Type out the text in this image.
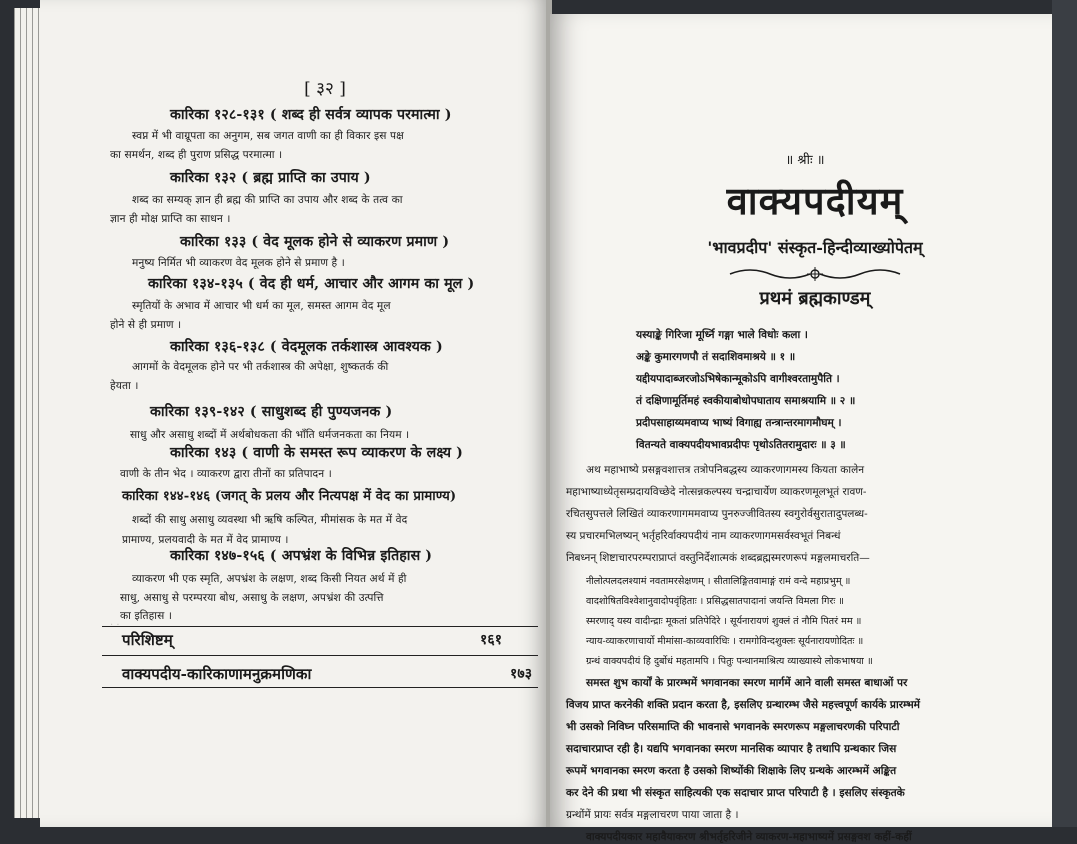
· ·
[ ३२ ]
कारिका १२८-१३१ ( शब्द ही सर्वत्र व्यापक परमात्मा )
स्वप्न में भी वाग्रूपता का अनुगम, सब जगत वाणी का ही विकार इस पक्ष
का समर्थन, शब्द ही पुराण प्रसिद्ध परमात्मा ।
कारिका १३२ ( ब्रह्म प्राप्ति का उपाय )
शब्द का सम्यक् ज्ञान ही ब्रह्म की प्राप्ति का उपाय और शब्द के तत्व का
ज्ञान ही मोक्ष प्राप्ति का साधन ।
कारिका १३३ ( वेद मूलक होने से व्याकरण प्रमाण )
मनुष्य निर्मित भी व्याकरण वेद मूलक होने से प्रमाण है ।
कारिका १३४-१३५ ( वेद ही धर्म, आचार और आगम का मूल )
स्मृतियों के अभाव में आचार भी धर्म का मूल, समस्त आगम वेद मूल
होने से ही प्रमाण ।
कारिका १३६-१३८ ( वेदमूलक तर्कशास्त्र आवश्यक )
आगमों के वेदमूलक होने पर भी तर्कशास्त्र की अपेक्षा, शुष्कतर्क की
हेयता ।
कारिका १३९-१४२ ( साधुशब्द ही पुण्यजनक )
साधु और असाधु शब्दों में अर्थबोधकता की भाँति धर्मजनकता का नियम ।
कारिका १४३ ( वाणी के समस्त रूप व्याकरण के लक्ष्य )
वाणी के तीन भेद । व्याकरण द्वारा तीनों का प्रतिपादन ।
कारिका १४४-१४६ (जगत् के प्रलय और नित्यपक्ष में वेद का प्रामाण्य)
शब्दों की साधु असाधु व्यवस्था भी ऋषि कल्पित, मीमांसक के मत में वेद
प्रामाण्य, प्रलयवादी के मत में वेद प्रामाण्य ।
कारिका १४७-१५६ ( अपभ्रंश के विभिन्न इतिहास )
व्याकरण भी एक स्मृति, अपभ्रंश के लक्षण, शब्द किसी नियत अर्थ में ही
साधु, असाधु से परम्परया बोध, असाधु के लक्षण, अपभ्रंश की उत्पत्ति
का इतिहास ।
परिशिष्टम्	१६१
वाक्यपदीय-कारिकाणामनुक्रमणिका	१७३
॥ श्रीः ॥
वाक्यपदीयम्
'भावप्रदीप' संस्कृत-हिन्दीव्याख्योपेतम्
प्रथमं ब्रह्मकाण्डम्
यस्याङ्के गिरिजा मूर्ध्नि गङ्गा भाले विधोः कला ।
अङ्के कुमारगणपौ तं सदाशिवमाश्रये ॥ १ ॥
यद्दीयपादाब्जरजोऽभिषेकान्मूकोऽपि वागीश्वरतामुपैति ।
तं दक्षिणामूर्तिमहं स्वकीयाबोधोपघाताय समाश्रयामि ॥ २ ॥
प्रदीपसाहाय्यमवाप्य भाष्यं विगाह्य तन्त्रान्तरमागमौघम् ।
वितन्यते वाक्यपदीयभावप्रदीपः पृथोऽतितरामुदारः ॥ ३ ॥
अथ महाभाष्ये प्रसङ्गवशात्तत्र तत्रोपनिबद्धस्य व्याकरणागमस्य कियता कालेन
महाभाष्याध्येतृसम्प्रदायविच्छेदे नोत्सन्नकल्पस्य चन्द्राचार्येण व्याकरणमूलभूतं रावण-
रचितसुपत्तले लिखितं व्याकरणागममवाप्य पुनरुज्जीवितस्य स्वगुरोर्वसुरातादुपलब्ध-
स्य प्रचारमभिलष्यन् भर्तृहरिर्वाक्यपदीयं नाम व्याकरणागमसर्वस्वभूतं निबन्धं
निबध्नन् शिष्टाचारपरम्पराप्राप्तं वस्तुनिर्देशात्मकं शब्दब्रह्मस्मरणरूपं मङ्गलमाचरति—
नीलोत्पलदलश्यामं नवतामरसेक्षणम् । सीतालिङ्गितवामाङ्गं रामं वन्दे महाप्रभुम् ॥
वादशोषितविश्वेशानुवादोपवृंहिताः । प्रसिद्धसातपादानां जयन्ति विमला गिरः ॥
स्मरणाद् यस्य वादीन्द्राः मूकतां प्रतिपेदिरे । सूर्यनारायणं शुक्लं तं नौमि पितरं मम ॥
न्याय-व्याकरणाचार्यो मीमांसा-काव्यवारिधिः । रामगोविन्दशुक्लः सूर्यनारायणोदितः ॥
ग्रन्थं वाक्यपदीयं हि दुर्बोधं महतामपि । पितुः पन्थानमाश्रित्य व्याख्यास्ये लोकभाषया ॥
समस्त शुभ कार्यों के प्रारम्भमें भगवानका स्मरण मार्गमें आने वाली समस्त बाधाओं पर
विजय प्राप्त करनेकी शक्ति प्रदान करता है, इसलिए ग्रन्थारम्भ जैसे महत्त्वपूर्ण कार्यके प्रारम्भमें
भी उसको निविघ्न परिसमाप्ति की भावनासे भगवानके स्मरणरूप मङ्गलाचरणकी परिपाटी
सदाचारप्राप्त रही है। यद्यपि भगवानका स्मरण मानसिक व्यापार है तथापि ग्रन्थकार जिस
रूपमें भगवानका स्मरण करता है उसको शिष्योंकी शिक्षाके लिए ग्रन्थके आरम्भमें अङ्कित
कर देने की प्रथा भी संस्कृत साहित्यकी एक सदाचार प्राप्त परिपाटी है । इसलिए संस्कृतके
ग्रन्थोंमें प्रायः सर्वत्र मङ्गलाचरण पाया जाता है ।
वाक्यपदीयकार महावैयाकरण श्रीभर्तृहरिजीने व्याकरण-महाभाष्यमें प्रसङ्गवश कहीं-कहीं
